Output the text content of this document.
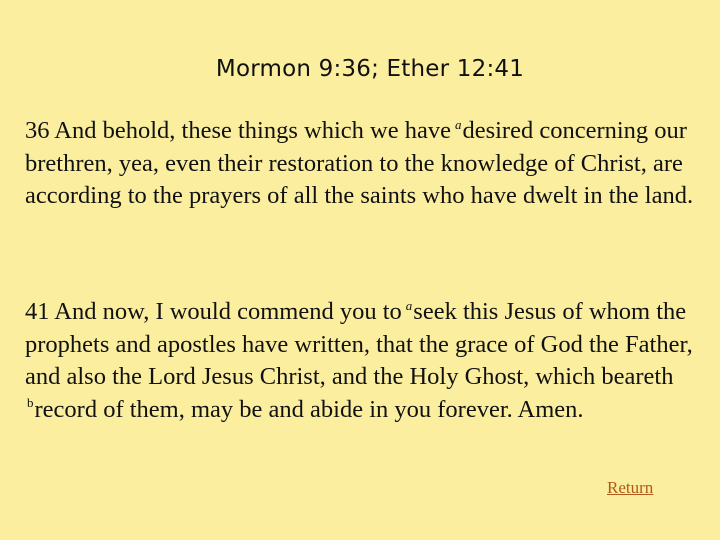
Mormon 9:36; Ether 12:41

36 And behold, these things which we have $^a$desired concerning our brethren, yea, even their restoration to the knowledge of Christ, are according to the prayers of all the saints who have dwelt in the land.

41 And now, I would commend you to $^a$seek this Jesus of whom the prophets and apostles have written, that the grace of God the Father, and also the Lord Jesus Christ, and the Holy Ghost, which beareth $^b$record of them, may be and abide in you forever. Amen.

Return
